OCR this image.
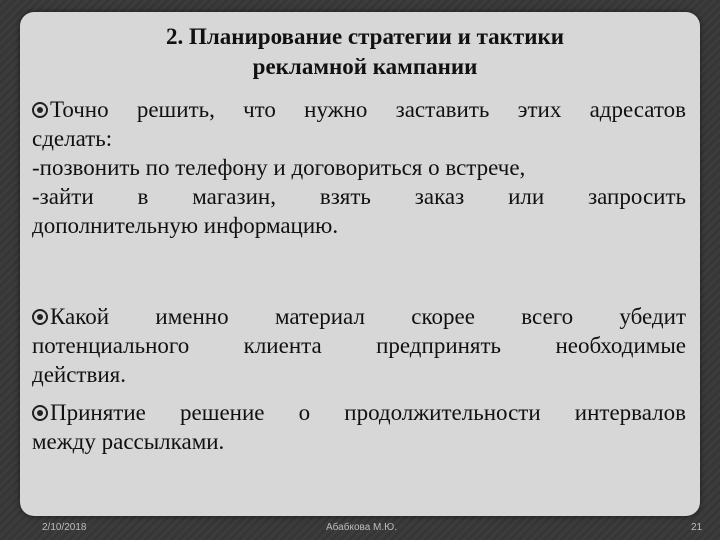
2. Планирование стратегии и тактики
рекламной кампании
Точно решить, что нужно заставить этих адресатов
сделать:
-позвонить по телефону и договориться о встрече,
-зайти в магазин, взять заказ или запросить
дополнительную информацию.
Какой именно материал скорее всего убедит
потенциального клиента предпринять необходимые
действия.
Принятие решение о продолжительности интервалов
между рассылками.
2/10/2018	Абабкова М.Ю.	21
